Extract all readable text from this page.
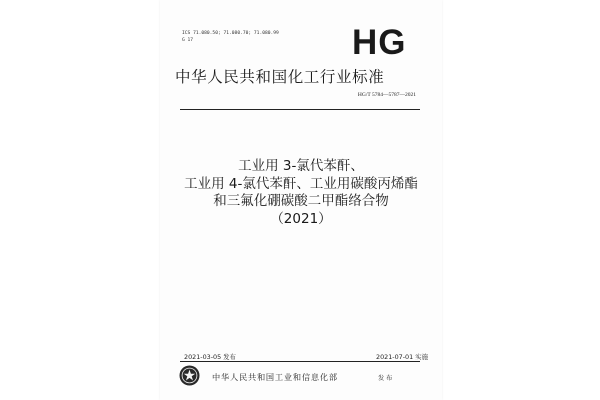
ICS 71.080.50; 71.080.70; 71.080.99
G 17	HG
中华人民共和国化工行业标准
HG/T 5784—5787—2021
工业用 3-氯代苯酐、
工业用 4-氯代苯酐、工业用碳酸丙烯酯
和三氟化硼碳酸二甲酯络合物
（2021）
2021-03-05 发布	2021-07-01 实施
中华人民共和国工业和信息化部	发 布
